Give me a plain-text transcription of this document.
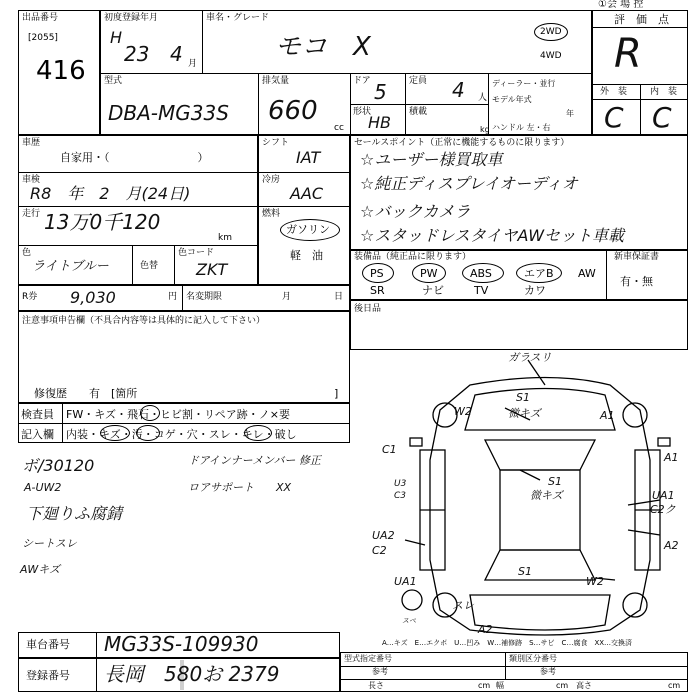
出品番号
[2055]
416
初度登録年月
H
23 4 月
車名・グレード
モコ　X	2WD
4WD
①会 場 控
評　価　点
R
型式
DBA-MG33S
排気量
660
cc
ドア 5 定員 4 人
形状
HB
積載
kg
ディーラー・並行
モデル年式
年
ハンドル 左・右
外　装	内　装
C C
車歴
自家用・（　　　　　　　　）
車検
R8　年　2　月(24日)
走行 13万0千120
km
色
ライトブルー	色替
色コード
ZKT
R券 9,030	円 名変期限	月	日
シフト
IAT
冷房
AAC
燃料
ガソリン
軽　油
セールスポイント（正常に機能するものに限ります）
☆ユーザー様買取車
☆純正ディスプレイオーディオ
☆バックカメラ
☆スタッドレスタイヤAWセット車載
装備品（純正品に限ります）
PS	PW	ABS	エアB AW
SR	ナビ	TV	カワ
新車保証書
有・無
注意事項申告欄（不具合内容等は具体的に記入して下さい）
修復歴　　有　[箇所	]
後日品
検査員
記入欄
FW・キズ・飛石・ヒビ割・リペア跡・ノ×要
内装・キズ・汚・コゲ・穴・スレ・キレ・破し
ボ/30120
A-UW2
下廻りふ腐錆
シートスレ
AWキズ
ドアインナーメンバー 修正
ロアサポート　　XX
ガラスリ
S1
微キズ
W2	A1
C1
U3
C3
S1
微キズ
A1
UA1
C2ク
UA2
C2	A2
S1
UA1	W2
スレ
A2
スペ
A…キズ　E…エクボ　U…凹み　W…補修跡　S…サビ　C…腐食　XX…交換済
車台番号 MG33S-109930
登録番号 長岡　580お 2379
型式指定番号	類別区分番号
参考	参考
長さ	cm 幅	cm 高さ	cm
